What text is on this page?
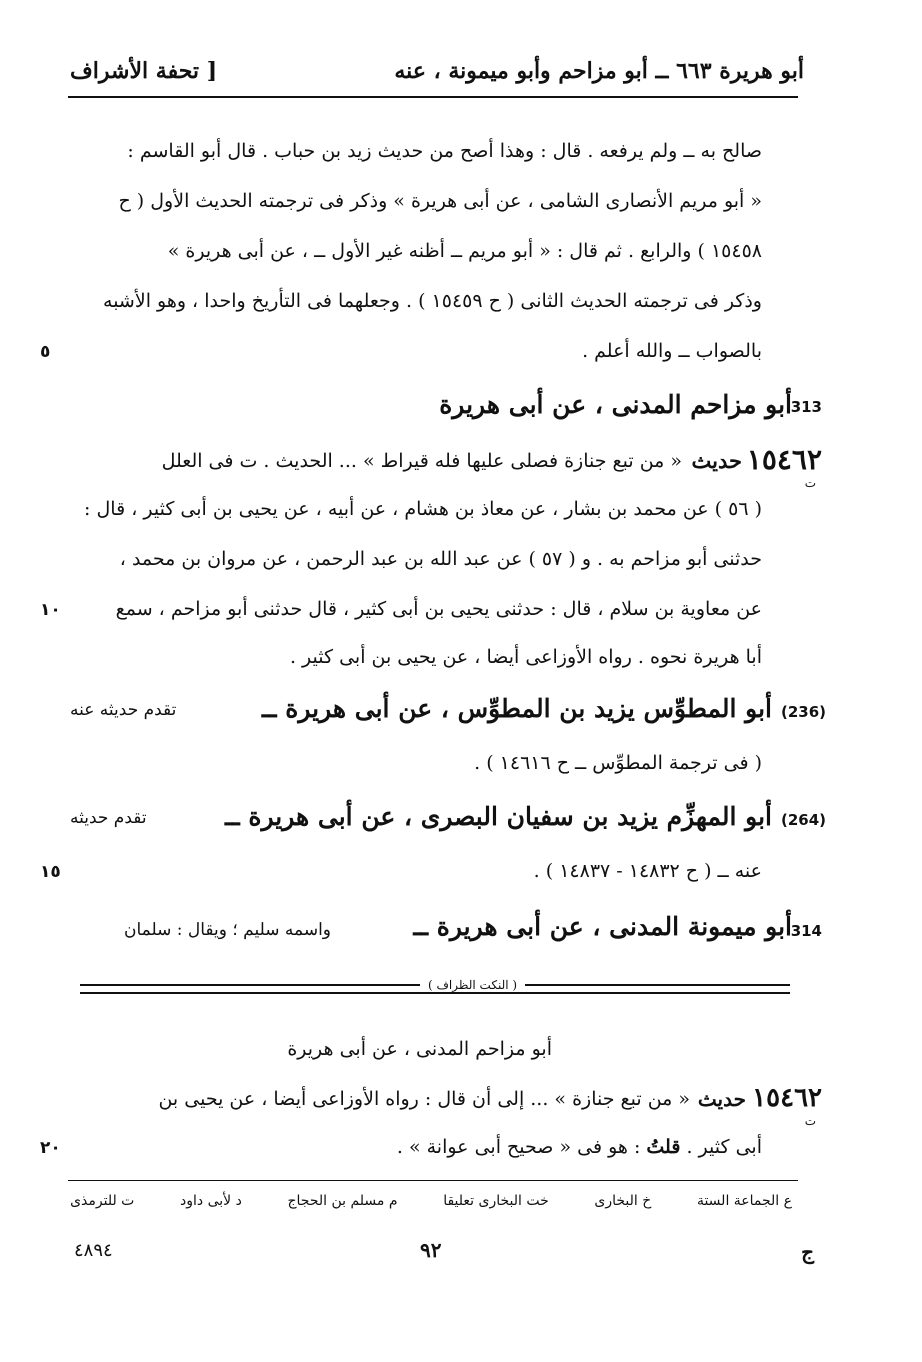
أبو هريرة ٦٦٣ ــ أبو مزاحم وأبو ميمونة ، عنه
[ تحفة الأشراف
صالح به ــ ولم يرفعه . قال : وهذا أصح من حديث زيد بن حباب . قال أبو القاسم :
« أبو مريم الأنصارى الشامى ، عن أبى هريرة » وذكر فى ترجمته الحديث الأول ( ح
١٥٤٥٨ ) والرابع . ثم قال : « أبو مريم ــ أظنه غير الأول ــ ، عن أبى هريرة »
وذكر فى ترجمته الحديث الثانى ( ح ١٥٤٥٩ ) . وجعلهما فى التأريخ واحدا ، وهو الأشبه
بالصواب ــ والله أعلم .
٥
313
أبو مزاحم المدنى ، عن أبى هريرة
١٥٤٦٢
ت
حديث
« من تبع جنازة فصلى عليها فله قيراط » ... الحديث . ت فى العلل
( ٥٦ ) عن محمد بن بشار ، عن معاذ بن هشام ، عن أبيه ، عن يحيى بن أبى كثير ، قال :
حدثنى أبو مزاحم به . و ( ٥٧ ) عن عبد الله بن عبد الرحمن ، عن مروان بن محمد ،
عن معاوية بن سلام ، قال : حدثنى يحيى بن أبى كثير ، قال حدثنى أبو مزاحم ، سمع
١٠
أبا هريرة نحوه . رواه الأوزاعى أيضا ، عن يحيى بن أبى كثير .
(236)
أبو المطوِّس يزيد بن المطوِّس ، عن أبى هريرة ــ
تقدم حديثه عنه
( فى ترجمة المطوِّس ــ ح ١٤٦١٦ ) .
(264)
أبو المهزِّم يزيد بن سفيان البصرى ، عن أبى هريرة ــ
تقدم حديثه
عنه ــ ( ح ١٤٨٣٢ - ١٤٨٣٧ ) .
١٥
314
أبو ميمونة المدنى ، عن أبى هريرة ــ
واسمه سليم ؛ ويقال : سلمان
( النكت الظراف )
أبو مزاحم المدنى ، عن أبى هريرة
١٥٤٦٢
ت
حديث
« من تبع جنازة » ... إلى أن قال : رواه الأوزاعى أيضا ، عن يحيى بن
أبى كثير . قلتُ : هو فى « صحيح أبى عوانة » .
٢٠
ع الجماعة الستة
خ البخارى
خت البخارى تعليقا
م مسلم بن الحجاج
د لأبى داود
ت للترمذى
ج
٩٢
٤٨٩٤
